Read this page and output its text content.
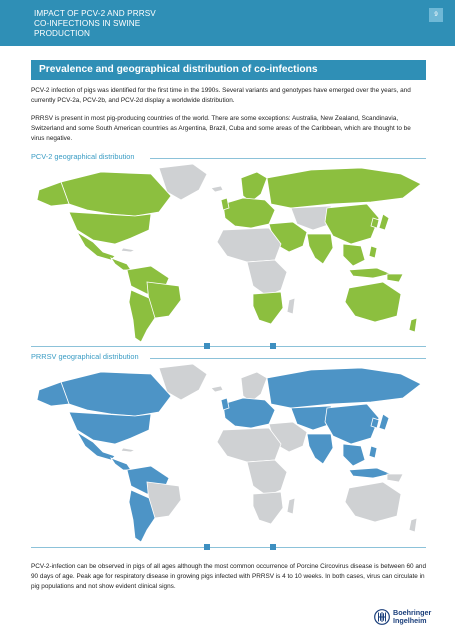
IMPACT OF PCV-2 AND PRRSV
CO-INFECTIONS IN SWINE
PRODUCTION
9
Prevalence and geographical distribution of co-infections
PCV-2 infection of pigs was identified for the first time in the 1990s. Several variants and genotypes have emerged over the years, and currently PCV-2a, PCV-2b, and PCV-2d display a worldwide distribution.
PRRSV is present in most pig-producing countries of the world. There are some exceptions: Australia, New Zealand, Scandinavia, Switzerland and some South American countries as Argentina, Brazil, Cuba and some areas of the Caribbean, which are thought to be virus negative.
PCV-2 geographical distribution
PRRSV geographical distribution
PCV-2-infection can be observed in pigs of all ages although the most common occurrence of Porcine Circovirus disease is between 60 and 90 days of age. Peak age for respiratory disease in growing pigs infected with PRRSV is 4 to 10 weeks. In both cases, virus can circulate in pig populations and not show evident clinical signs.
Boehringer
Ingelheim
